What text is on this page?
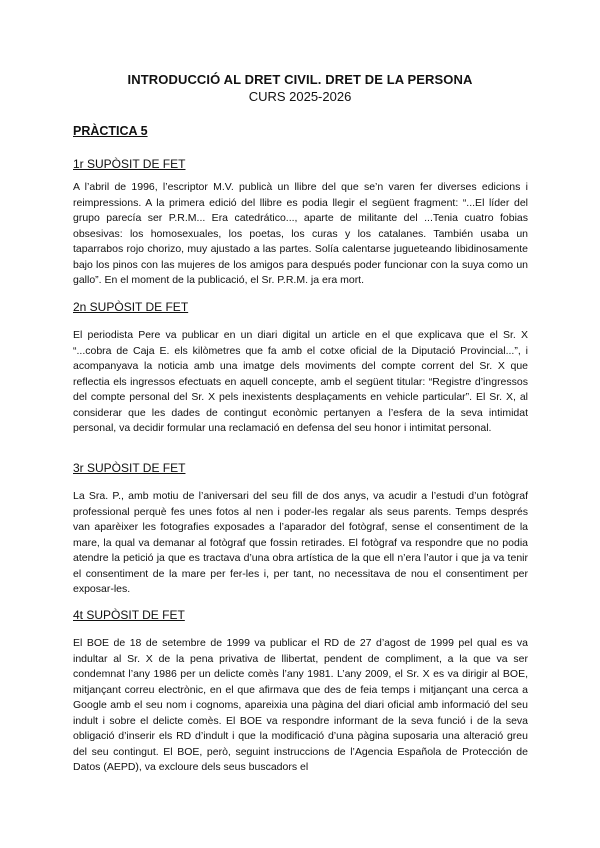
INTRODUCCIÓ AL DRET CIVIL. DRET DE LA PERSONA
CURS 2025-2026
PRÀCTICA 5
1r SUPÒSIT DE FET
A l’abril de 1996, l’escriptor M.V. publicà un llibre del que se’n varen fer diverses edicions i reimpressions. A la primera edició del llibre es podia llegir el següent fragment: “...El líder del grupo parecía ser P.R.M... Era catedrático..., aparte de militante del ...Tenia cuatro fobias obsesivas: los homosexuales, los poetas, los curas y los catalanes. También usaba un taparrabos rojo chorizo, muy ajustado a las partes. Solía calentarse jugueteando libidinosamente bajo los pinos con las mujeres de los amigos para después poder funcionar con la suya como un gallo”. En el moment de la publicació, el Sr. P.R.M. ja era mort.
2n SUPÒSIT DE FET
El periodista Pere va publicar en un diari digital un article en el que explicava que el Sr. X “...cobra de Caja E. els kilòmetres que fa amb el cotxe oficial de la Diputació Provincial...”, i acompanyava la noticia amb una imatge dels moviments del compte corrent del Sr. X que reflectia els ingressos efectuats en aquell concepte, amb el següent titular: “Registre d’ingressos del compte personal del Sr. X pels inexistents desplaçaments en vehicle particular”. El Sr. X, al considerar que les dades de contingut econòmic pertanyen a l’esfera de la seva intimidat personal, va decidir formular una reclamació en defensa del seu honor i intimitat personal.
3r SUPÒSIT DE FET
La Sra. P., amb motiu de l’aniversari del seu fill de dos anys, va acudir a l’estudi d’un fotògraf professional perquè fes unes fotos al nen i poder-les regalar als seus parents. Temps després van aparèixer les fotografies exposades a l’aparador del fotògraf, sense el consentiment de la mare, la qual va demanar al fotògraf que fossin retirades. El fotògraf va respondre que no podia atendre la petició ja que es tractava d’una obra artística de la que ell n’era l’autor i que ja va tenir el consentiment de la mare per fer-les i, per tant, no necessitava de nou el consentiment per exposar-les.
4t SUPÒSIT DE FET
El BOE de 18 de setembre de 1999 va publicar el RD de 27 d’agost de 1999 pel qual es va indultar al Sr. X de la pena privativa de llibertat, pendent de compliment, a la que va ser condemnat l’any 1986 per un delicte comès l’any 1981. L’any 2009, el Sr. X es va dirigir al BOE, mitjançant correu electrònic, en el que afirmava que des de feia temps i mitjançant una cerca a Google amb el seu nom i cognoms, apareixia una pàgina del diari oficial amb informació del seu indult i sobre el delicte comès. El BOE va respondre informant de la seva funció i de la seva obligació d’inserir els RD d’indult i que la modificació d’una pàgina suposaria una alteració greu del seu contingut. El BOE, però, seguint instruccions de l’Agencia Española de Protección de Datos (AEPD), va excloure dels seus buscadors el
